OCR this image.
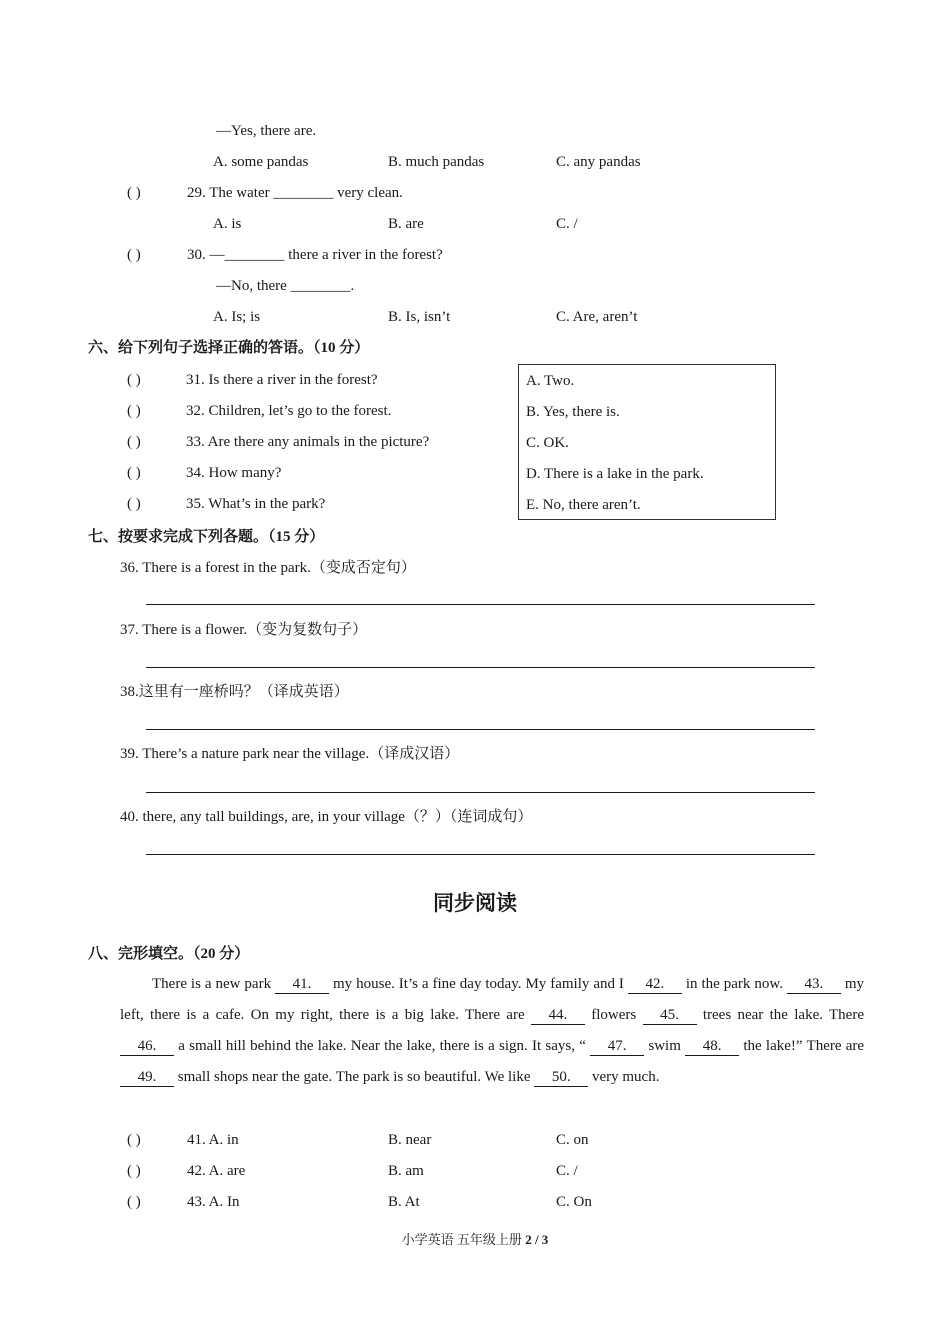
—Yes, there are.
A. some pandas	B. much pandas	C. any pandas
( )	29. The water ________ very clean.
A. is	B. are	C. /
( )	30. —________ there a river in the forest?
—No, there ________.
A. Is; is	B. Is, isn’t	C. Are, aren’t
六、给下列句子选择正确的答语。（10 分）
( )	31. Is there a river in the forest?
( )	32. Children, let’s go to the forest.
( )	33. Are there any animals in the picture?
( )	34. How many?
( )	35. What’s in the park?
A. Two.
B. Yes, there is.
C. OK.
D. There is a lake in the park.
E. No, there aren’t.
七、按要求完成下列各题。（15 分）
36. There is a forest in the park.（变成否定句）
37. There is a flower.（变为复数句子）
38.这里有一座桥吗？（译成英语）
39. There’s a nature park near the village.（译成汉语）
40. there, any tall buildings, are, in your village（？）（连词成句）
同步阅读
八、完形填空。（20 分）
There is a new park 41. my house. It’s a fine day today. My family and I 42. in the park now. 43. my left, there is a cafe. On my right, there is a big lake. There are 44. flowers 45. trees near the lake. There 46. a small hill behind the lake. Near the lake, there is a sign. It says, “ 47. swim 48. the lake!” There are 49. small shops near the gate. The park is so beautiful. We like 50. very much.
( )	41. A. in	B. near	C. on
( )	42. A. are	B. am	C. /
( )	43. A. In	B. At	C. On
小学英语 五年级上册 2 / 3
